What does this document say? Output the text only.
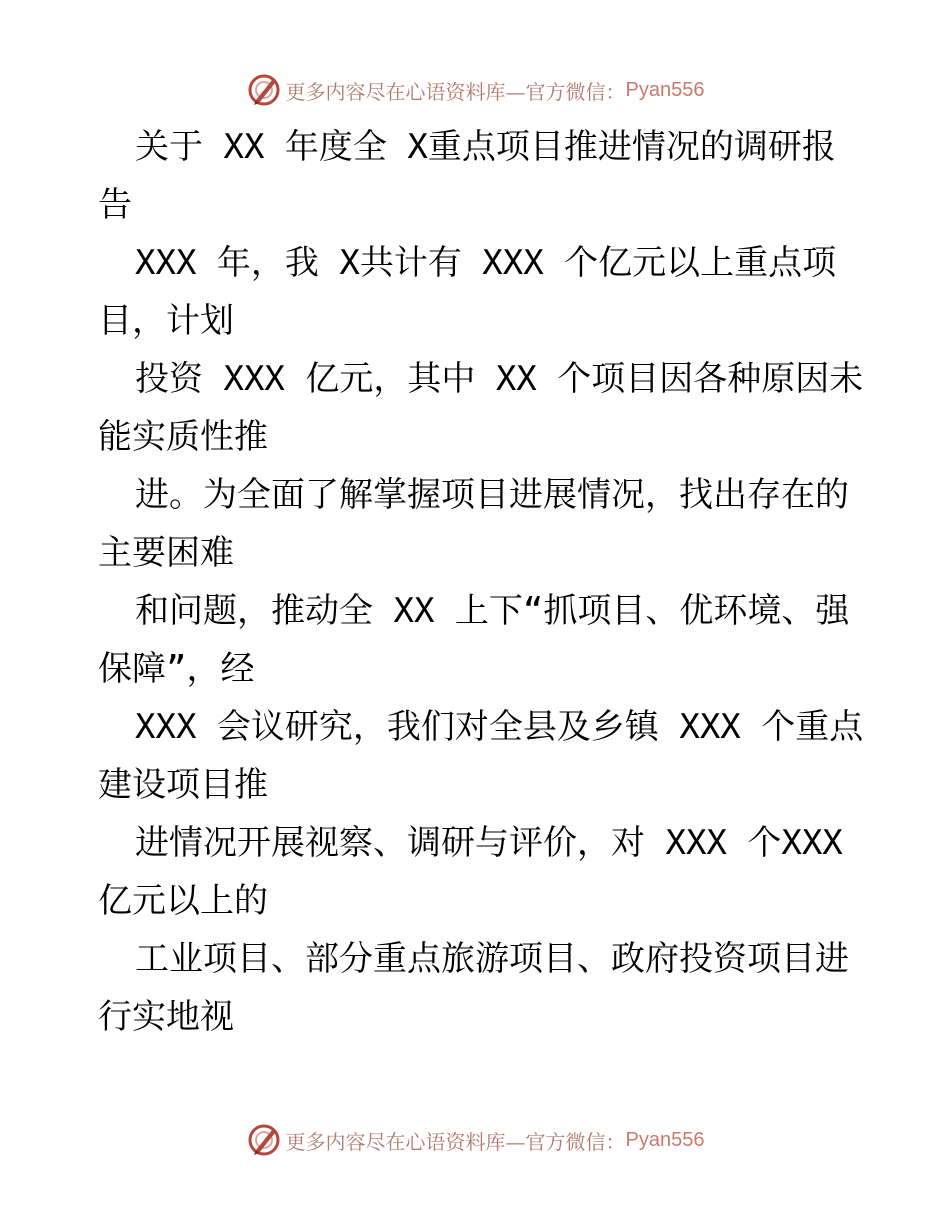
更多内容尽在心语资料库—官方微信： Pyan556
关于 XX 年度全 X重点项目推进情况的调研报
告
XXX 年，我 X共计有 XXX 个亿元以上重点项
目，计划
投资 XXX 亿元，其中 XX 个项目因各种原因未
能实质性推
进。为全面了解掌握项目进展情况，找出存在的
主要困难
和问题，推动全 XX 上下“抓项目、优环境、强
保障”，经
XXX 会议研究，我们对全县及乡镇 XXX 个重点
建设项目推
进情况开展视察、调研与评价，对 XXX 个XXX
亿元以上的
工业项目、部分重点旅游项目、政府投资项目进
行实地视
更多内容尽在心语资料库—官方微信： Pyan556
